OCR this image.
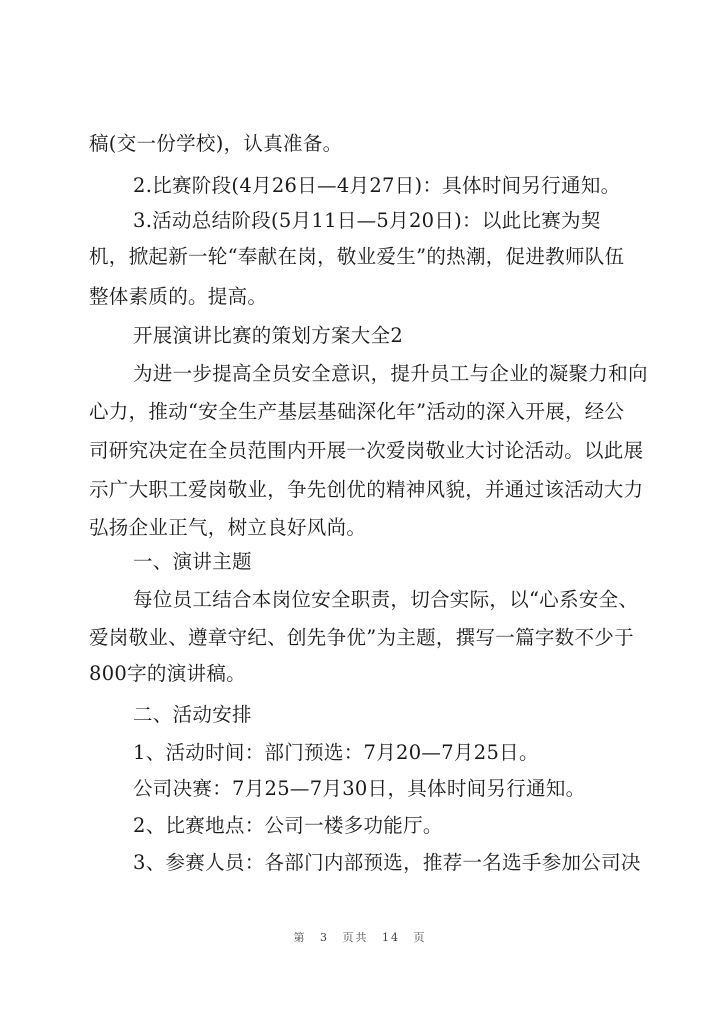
稿(交一份学校)，认真准备。
2.比赛阶段(4月26日—4月27日)：具体时间另行通知。
3.活动总结阶段(5月11日—5月20日)：以此比赛为契
机，掀起新一轮“奉献在岗，敬业爱生”的热潮，促进教师队伍
整体素质的。提高。
开展演讲比赛的策划方案大全2
为进一步提高全员安全意识，提升员工与企业的凝聚力和向
心力，推动“安全生产基层基础深化年”活动的深入开展，经公
司研究决定在全员范围内开展一次爱岗敬业大讨论活动。以此展
示广大职工爱岗敬业，争先创优的精神风貌，并通过该活动大力
弘扬企业正气，树立良好风尚。
一、演讲主题
每位员工结合本岗位安全职责，切合实际，以“心系安全、
爱岗敬业、遵章守纪、创先争优”为主题，撰写一篇字数不少于
800字的演讲稿。
二、活动安排
1、活动时间：部门预选：7月20—7月25日。
公司决赛：7月25—7月30日，具体时间另行通知。
2、比赛地点：公司一楼多功能厅。
3、参赛人员：各部门内部预选，推荐一名选手参加公司决
第 3 页共 14 页
